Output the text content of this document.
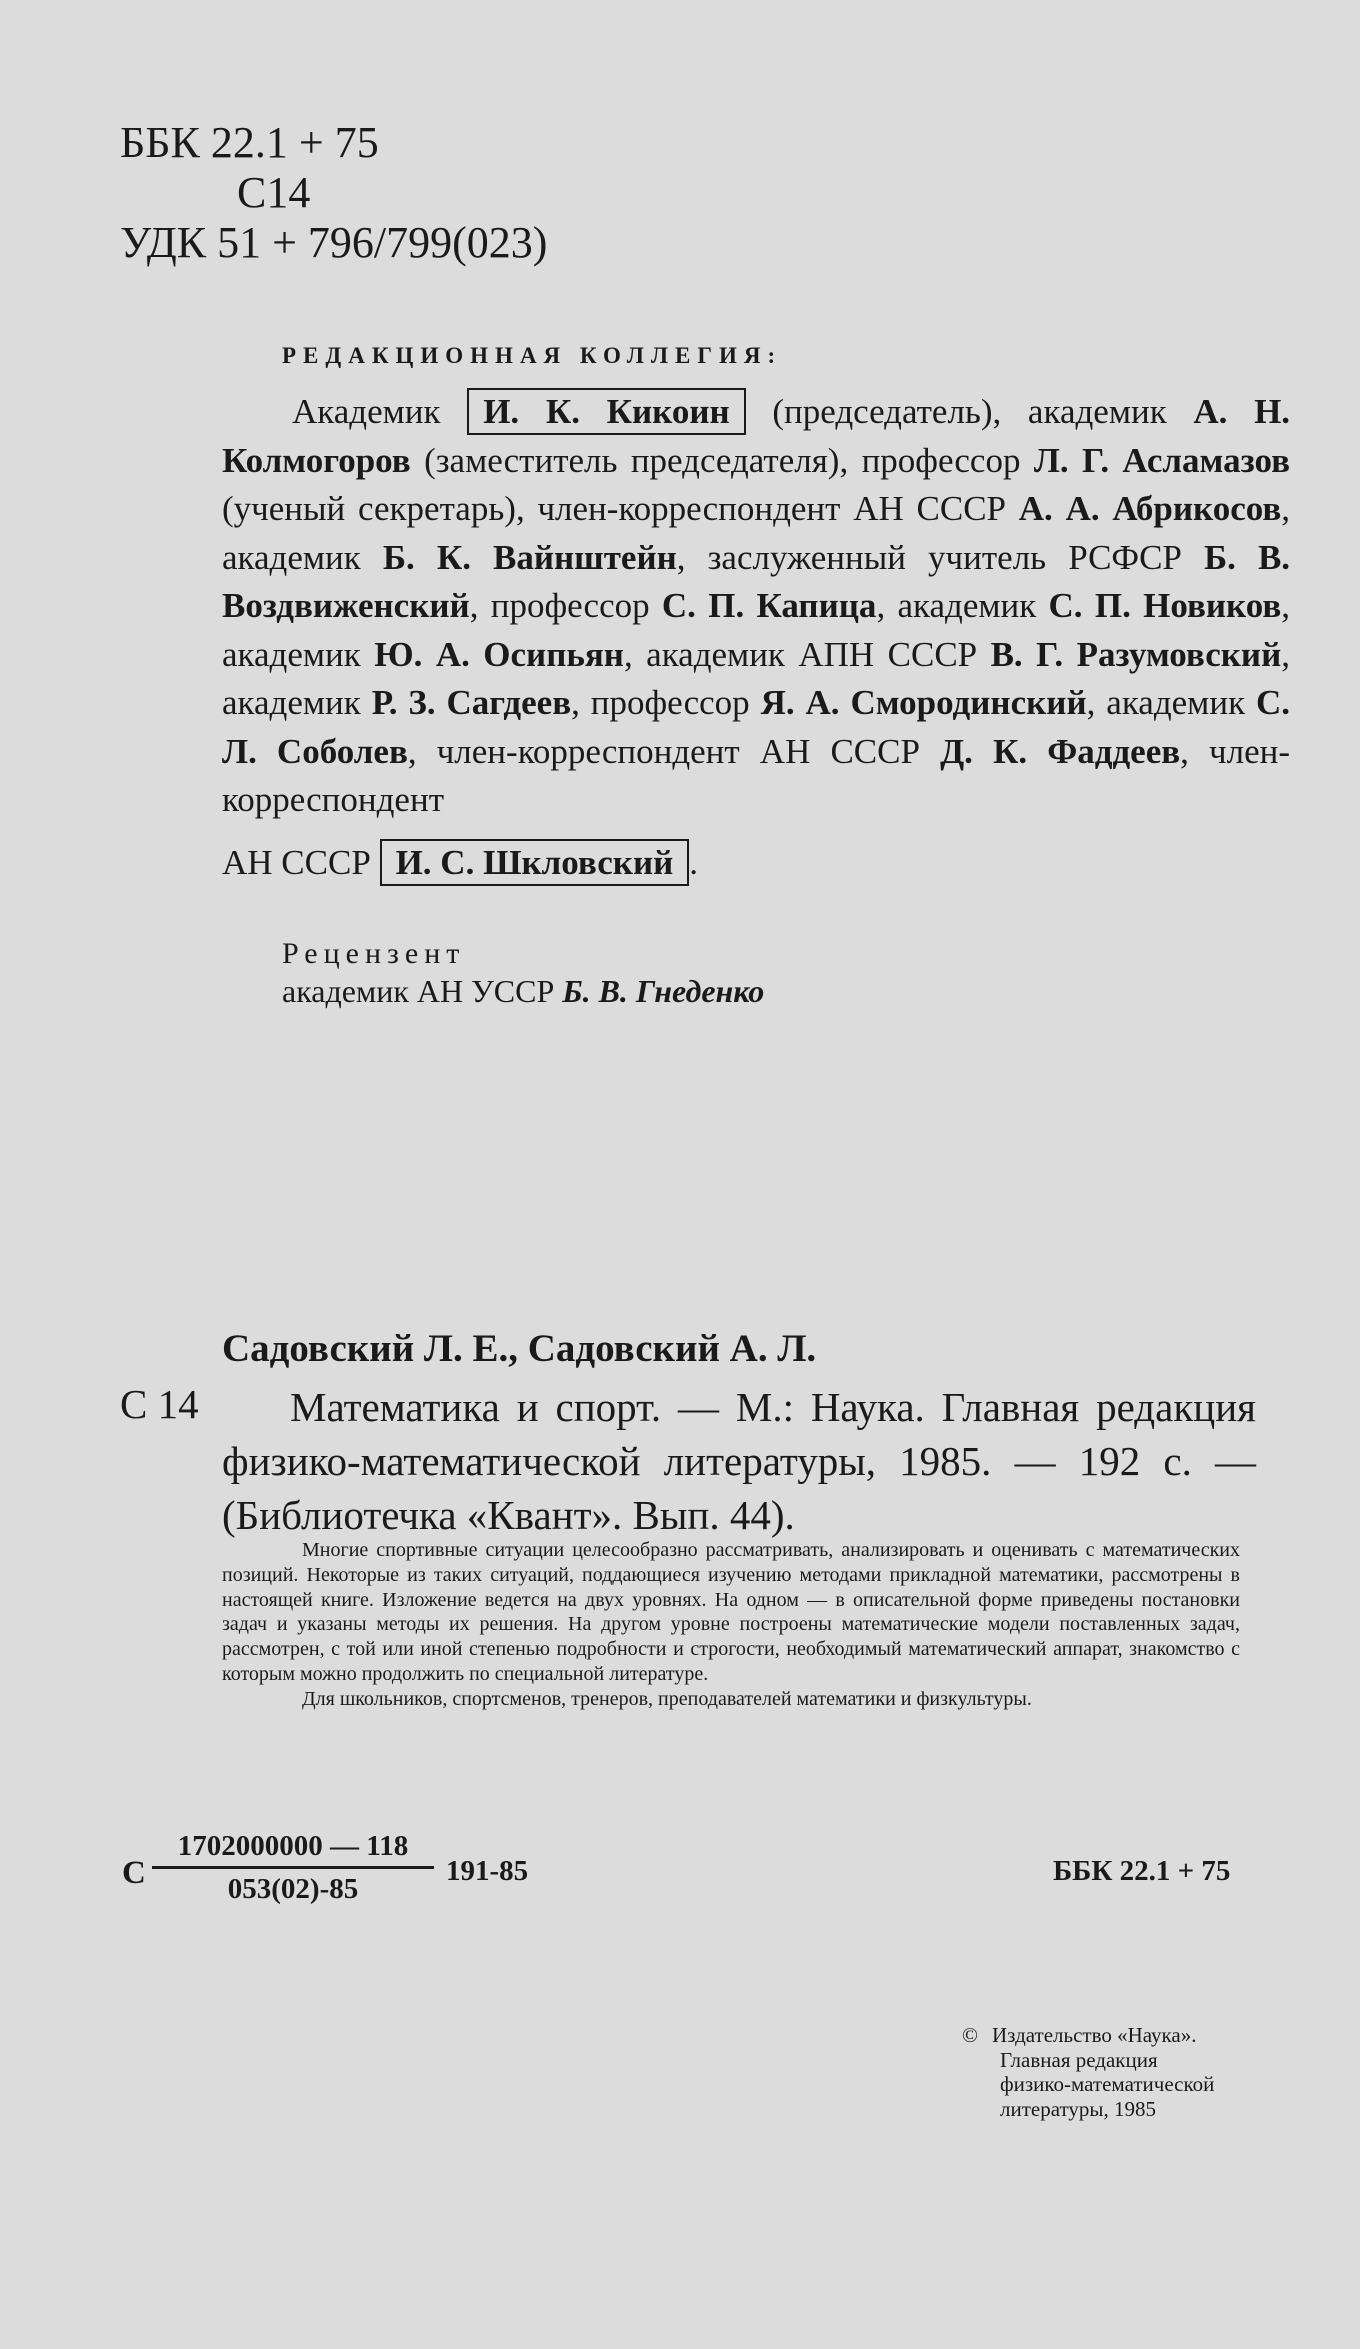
ББК 22.1 + 75
С14
УДК 51 + 796/799(023)
РЕДАКЦИОННАЯ КОЛЛЕГИЯ:
Академик И. К. Кикоин (председатель), академик А. Н. Колмогоров (заместитель председателя), профессор Л. Г. Асламазов (ученый секретарь), член-корреспондент АН СССР А. А. Абрикосов, академик Б. К. Вайнштейн, заслуженный учитель РСФСР Б. В. Воздвиженский, профессор С. П. Капица, академик С. П. Новиков, академик Ю. А. Осипьян, академик АПН СССР В. Г. Разумовский, академик Р. З. Сагдеев, профессор Я. А. Смородинский, академик С. Л. Соболев, член-корреспондент АН СССР Д. К. Фаддеев, член-корреспондент
АН СССР И. С. Шкловский .
Рецензент
академик АН УССР Б. В. Гнеденко
Садовский Л. Е., Садовский А. Л.
С 14	Математика и спорт. — М.: Наука. Главная редакция физико-математической литературы, 1985. — 192 с. — (Библиотечка «Квант». Вып. 44).

Многие спортивные ситуации целесообразно рассматривать, анализировать и оценивать с математических позиций. Некоторые из таких ситуаций, поддающиеся изучению методами прикладной математики, рассмотрены в настоящей книге. Изложение ведется на двух уровнях. На одном — в описательной форме приведены постановки задач и указаны методы их решения. На другом уровне построены математические модели поставленных задач, рассмотрен, с той или иной степенью подробности и строгости, необходимый математический аппарат, знакомство с которым можно продолжить по специальной литературе.

Для школьников, спортсменов, тренеров, преподавателей математики и физкультуры.

С $\frac{1702000000 — 118}{053(02)-85} 191-85$	ББК 22.1 + 75
© Издательство «Наука».
Главная редакция
физико-математической
литературы, 1985
